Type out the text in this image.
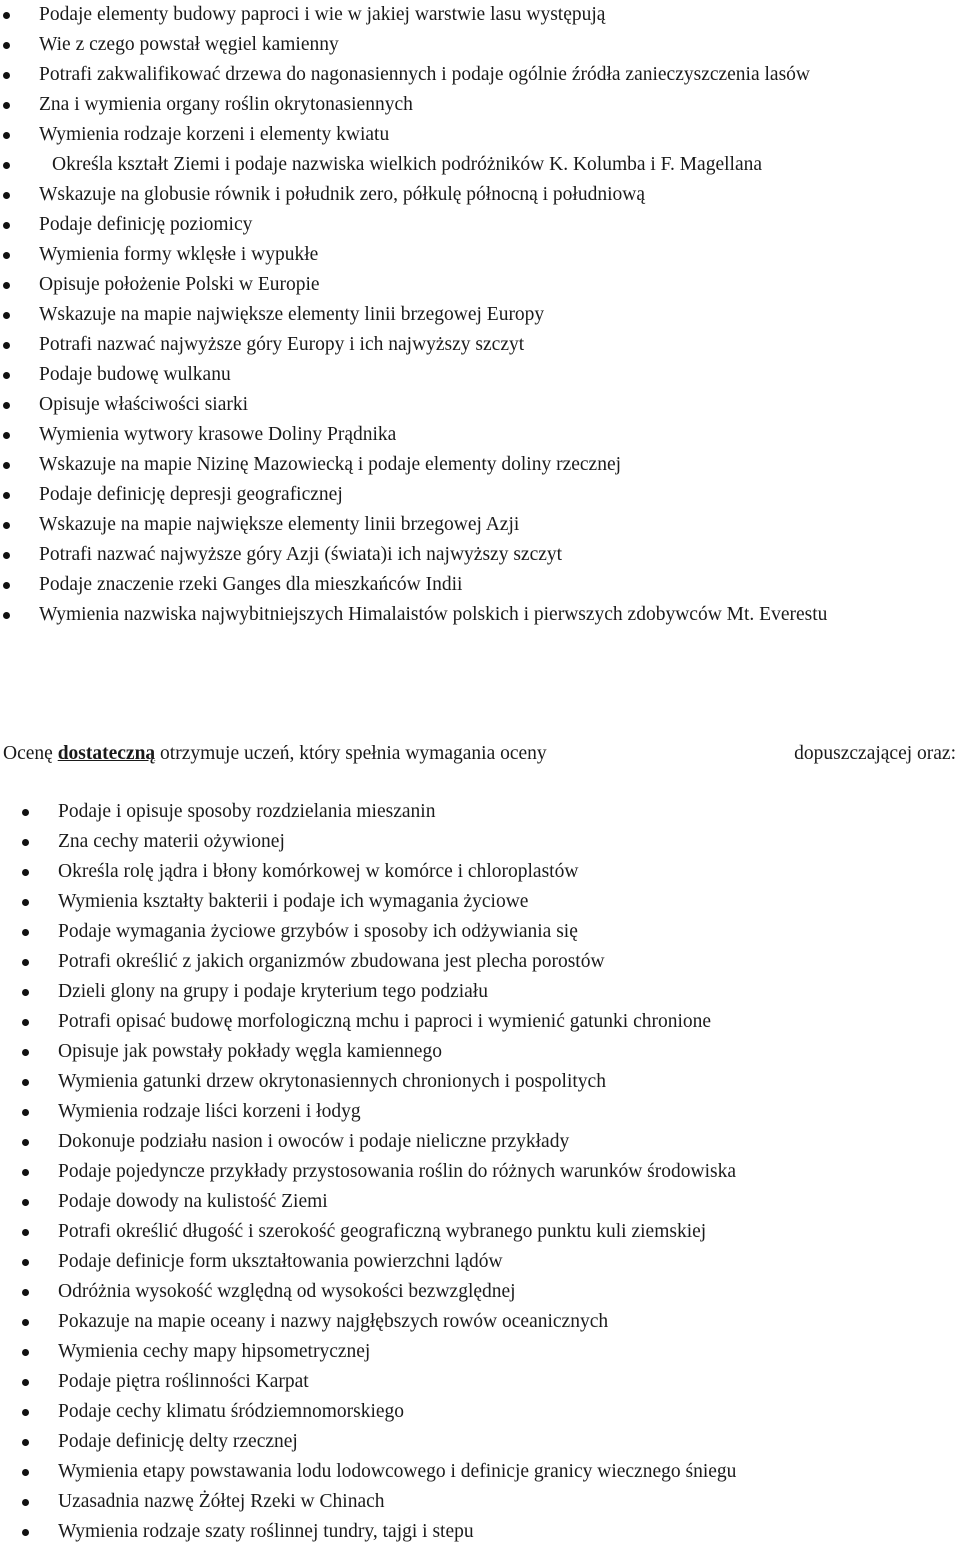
Podaje elementy budowy paproci i wie w jakiej warstwie lasu występują
Wie z czego powstał węgiel kamienny
Potrafi zakwalifikować drzewa do nagonasiennych i podaje ogólnie źródła zanieczyszczenia lasów
Zna i wymienia organy roślin okrytonasiennych
Wymienia rodzaje korzeni i elementy kwiatu
Określa kształt Ziemi i podaje nazwiska wielkich podróżników K. Kolumba i F. Magellana
Wskazuje na globusie równik i południk zero, półkulę północną i południową
Podaje definicję poziomicy
Wymienia formy wklęsłe i wypukłe
Opisuje położenie Polski w Europie
Wskazuje na mapie największe elementy linii brzegowej Europy
Potrafi nazwać najwyższe góry Europy i ich najwyższy szczyt
Podaje budowę wulkanu
Opisuje właściwości siarki
Wymienia wytwory krasowe Doliny Prądnika
Wskazuje na mapie Nizinę Mazowiecką i podaje elementy doliny rzecznej
Podaje definicję depresji geograficznej
Wskazuje na mapie największe elementy linii brzegowej Azji
Potrafi nazwać najwyższe góry Azji (świata)i ich najwyższy szczyt
Podaje znaczenie rzeki Ganges dla mieszkańców Indii
Wymienia nazwiska najwybitniejszych Himalaistów polskich i pierwszych zdobywców Mt. Everestu
Ocenę dostateczną otrzymuje uczeń, który spełnia wymagania oceny	dopuszczającej oraz:
Podaje i opisuje sposoby rozdzielania mieszanin
Zna cechy materii ożywionej
Określa rolę jądra i błony komórkowej w komórce i chloroplastów
Wymienia kształty bakterii i podaje ich wymagania życiowe
Podaje wymagania życiowe grzybów i sposoby ich odżywiania się
Potrafi określić z jakich organizmów zbudowana jest plecha porostów
Dzieli glony na grupy i podaje kryterium tego podziału
Potrafi opisać budowę morfologiczną mchu i paproci i wymienić gatunki chronione
Opisuje jak powstały pokłady węgla kamiennego
Wymienia gatunki drzew okrytonasiennych chronionych i pospolitych
Wymienia rodzaje liści korzeni i łodyg
Dokonuje podziału nasion i owoców i podaje nieliczne przykłady
Podaje pojedyncze przykłady przystosowania roślin do różnych warunków środowiska
Podaje dowody na kulistość Ziemi
Potrafi określić długość i szerokość geograficzną wybranego punktu kuli ziemskiej
Podaje definicje form ukształtowania powierzchni lądów
Odróżnia wysokość względną od wysokości bezwzględnej
Pokazuje na mapie oceany i nazwy najgłębszych rowów oceanicznych
Wymienia cechy mapy hipsometrycznej
Podaje piętra roślinności Karpat
Podaje cechy klimatu śródziemnomorskiego
Podaje definicję delty rzecznej
Wymienia etapy powstawania lodu lodowcowego i definicje granicy wiecznego śniegu
Uzasadnia nazwę Żółtej Rzeki w Chinach
Wymienia rodzaje szaty roślinnej tundry, tajgi i stepu
